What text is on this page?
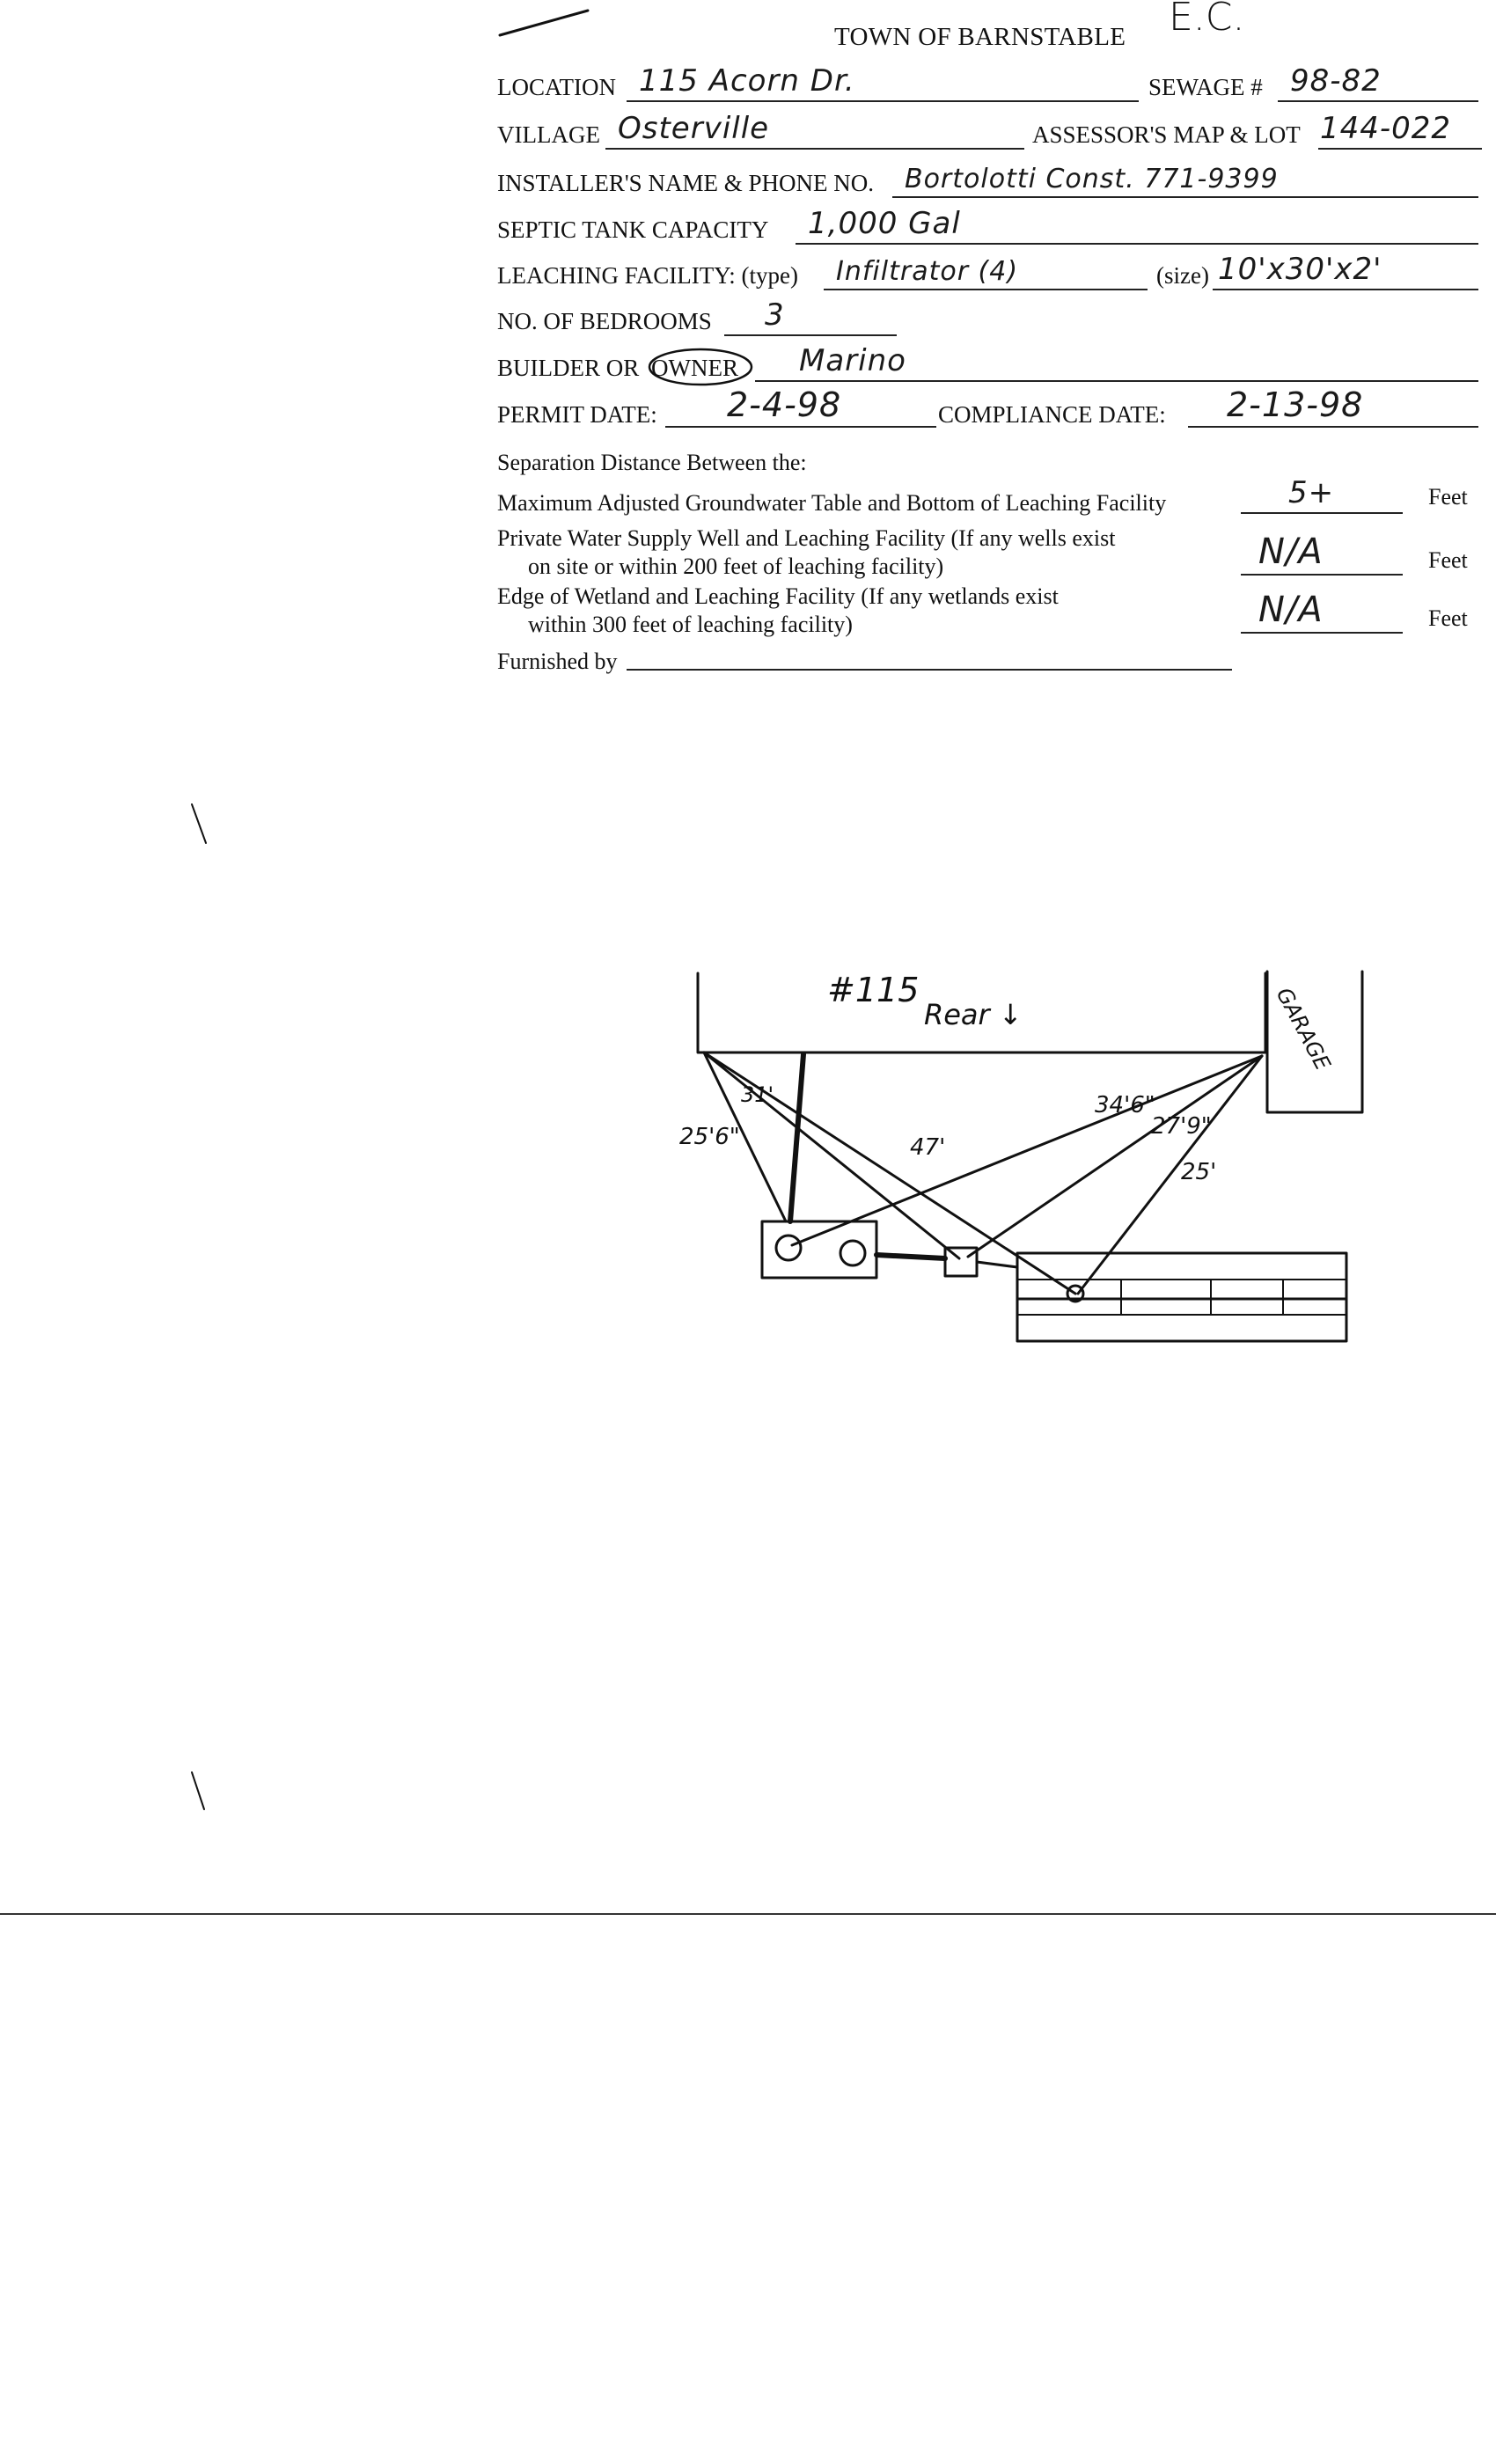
TOWN OF BARNSTABLE E.C.
LOCATION 115 Acorn Dr.	SEWAGE # 98-82
VILLAGE Osterville	ASSESSOR'S MAP & LOT 144-022
INSTALLER'S NAME & PHONE NO. Bortolotti Const. 771-9399
SEPTIC TANK CAPACITY 1,000 Gal
LEACHING FACILITY: (type) Infiltrator (4)	(size) 10'x30'x2'
NO. OF BEDROOMS 3
BUILDER OR OWNER Marino
PERMIT DATE: 2-4-98	COMPLIANCE DATE: 2-13-98
Separation Distance Between the:
Maximum Adjusted Groundwater Table and Bottom of Leaching Facility	5+	Feet
Private Water Supply Well and Leaching Facility (If any wells exist
on site or within 200 feet of leaching facility)	N/A	Feet
Edge of Wetland and Leaching Facility (If any wetlands exist
within 300 feet of leaching facility)	N/A	Feet
Furnished by
#115
Rear ↓	GARAGE
25'6"
31'
47'
34'6"
27'9"
25'
